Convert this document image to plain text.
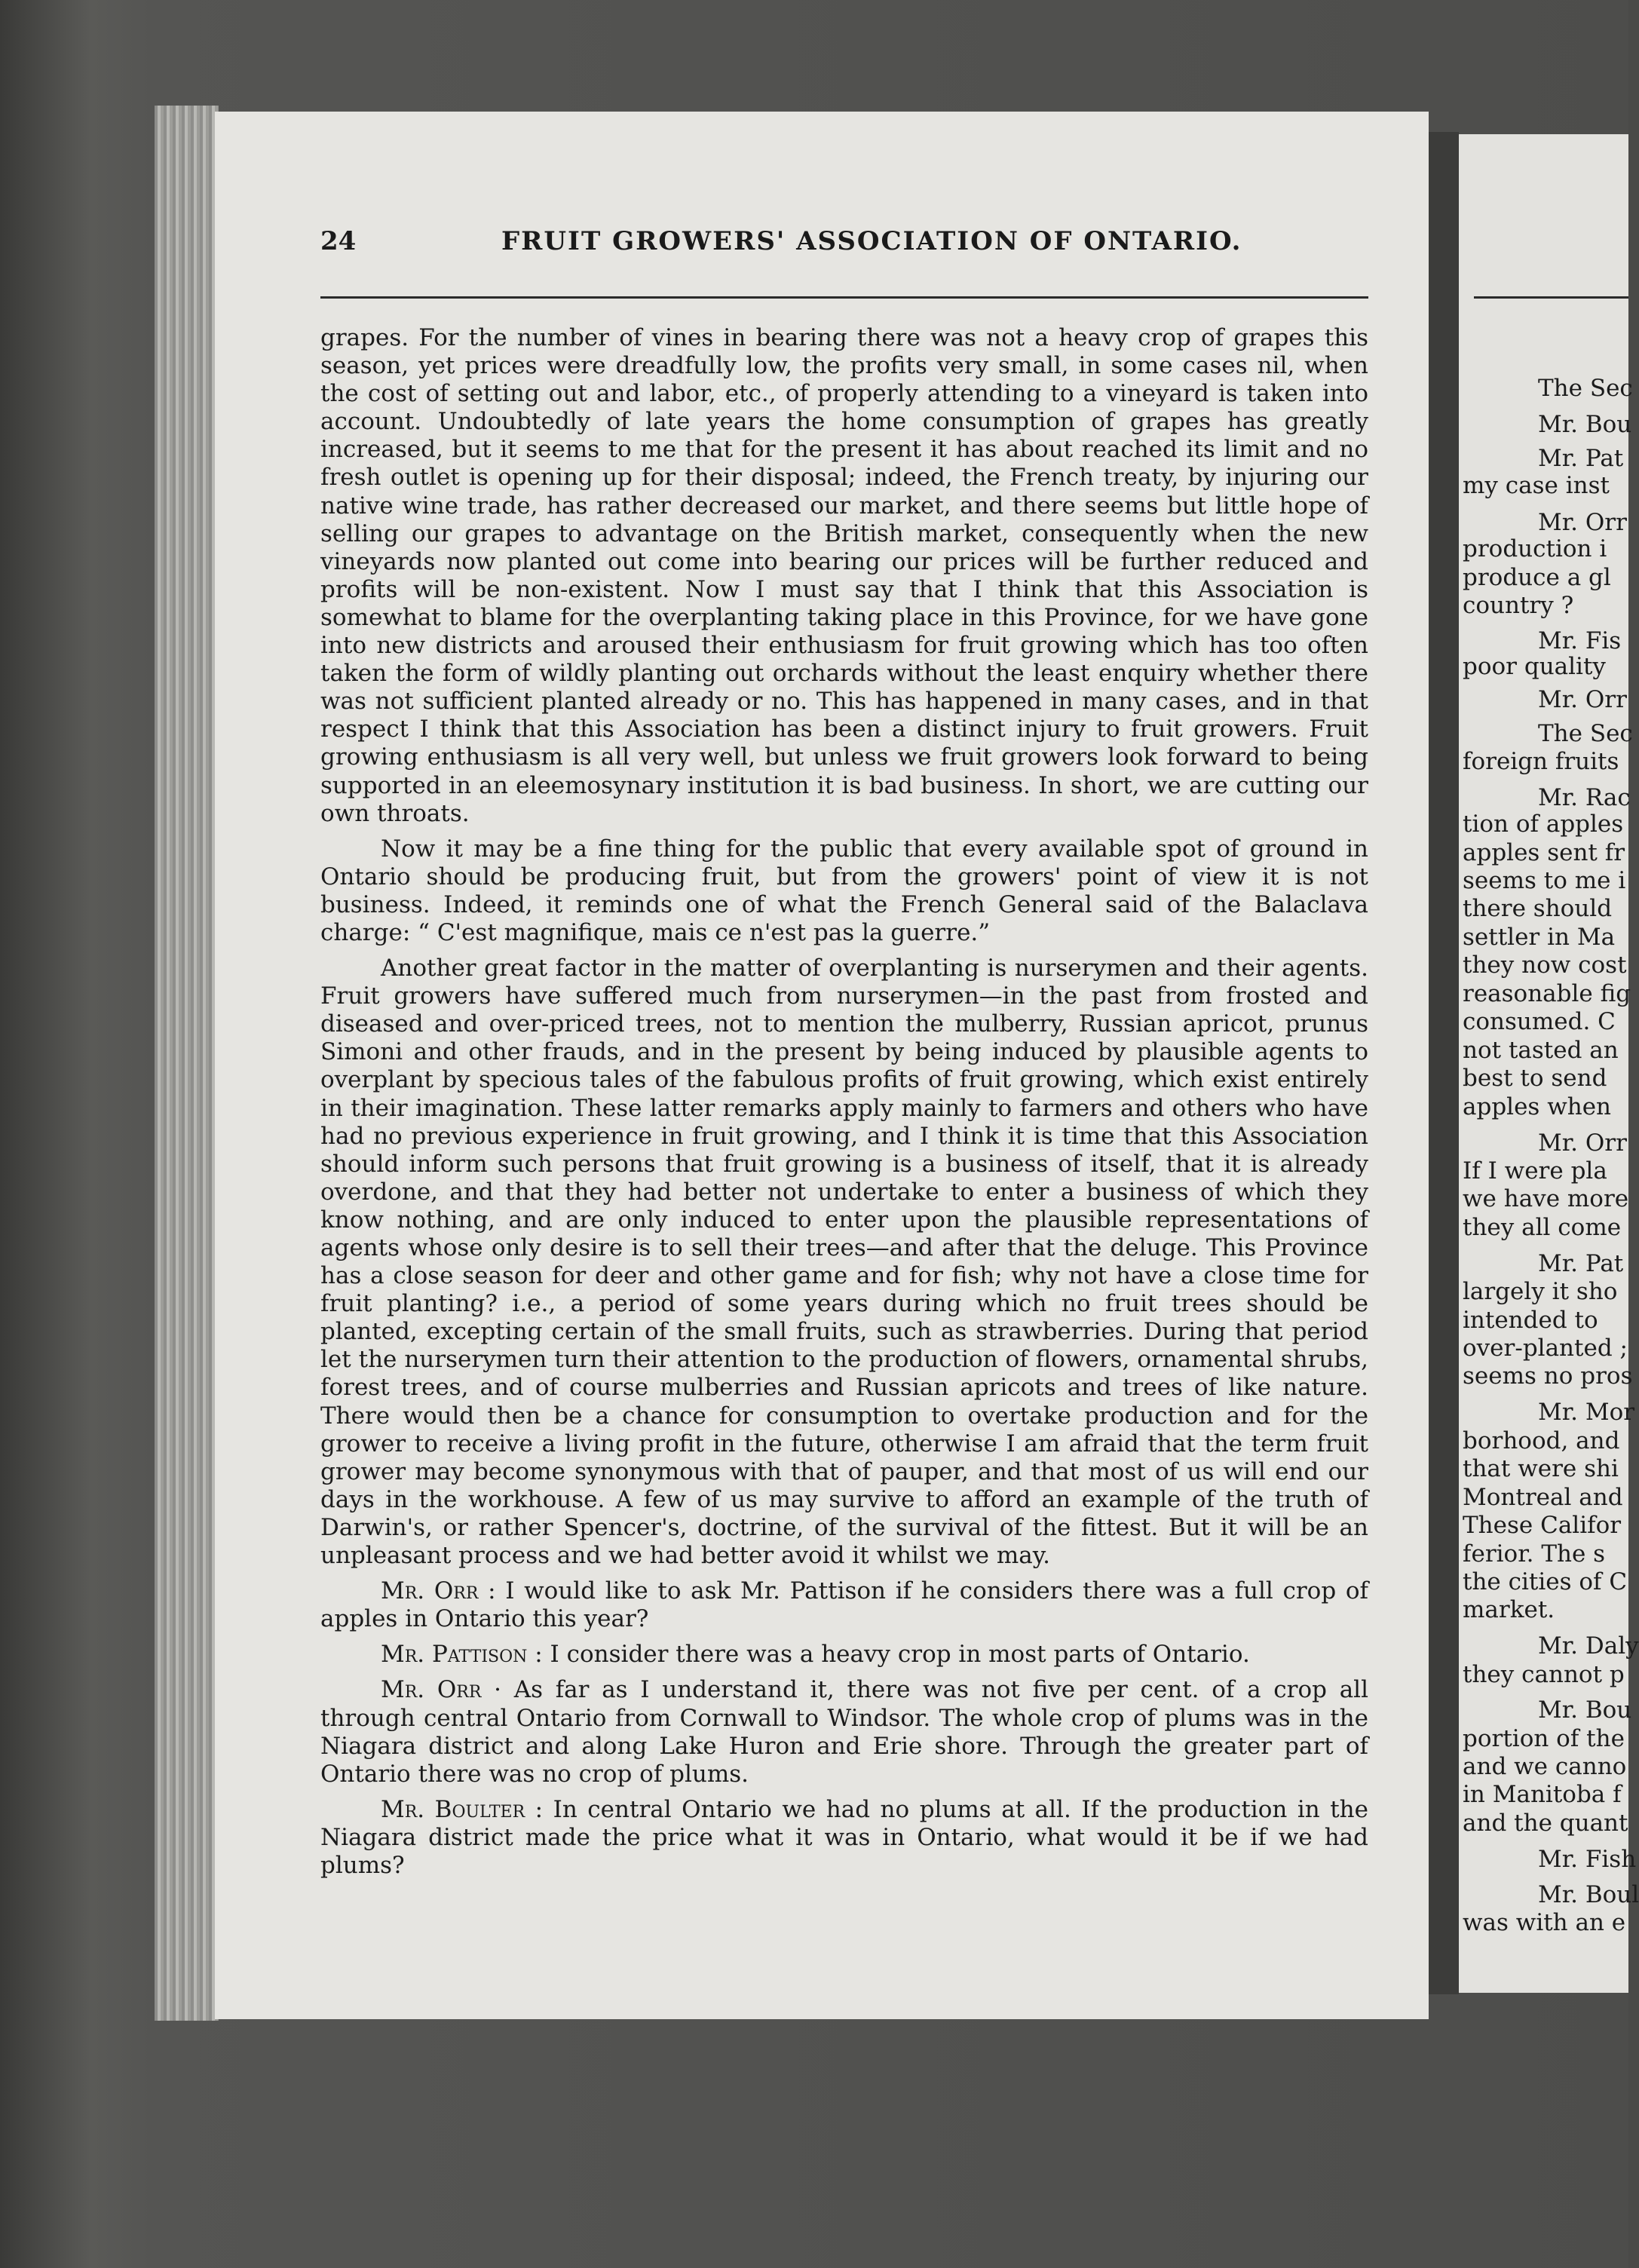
24	FRUIT GROWERS' ASSOCIATION OF ONTARIO.

grapes. For the number of vines in bearing there was not a heavy crop of grapes this season, yet prices were dreadfully low, the profits very small, in some cases nil, when the cost of setting out and labor, etc., of properly attending to a vineyard is taken into account. Undoubtedly of late years the home consumption of grapes has greatly increased, but it seems to me that for the present it has about reached its limit and no fresh outlet is opening up for their disposal; indeed, the French treaty, by injuring our native wine trade, has rather decreased our market, and there seems but little hope of selling our grapes to advantage on the British market, consequently when the new vineyards now planted out come into bearing our prices will be further reduced and profits will be non-existent. Now I must say that I think that this Association is somewhat to blame for the overplanting taking place in this Province, for we have gone into new districts and aroused their enthusiasm for fruit growing which has too often taken the form of wildly planting out orchards without the least enquiry whether there was not sufficient planted already or no. This has happened in many cases, and in that respect I think that this Association has been a distinct injury to fruit growers. Fruit growing enthusiasm is all very well, but unless we fruit growers look forward to being supported in an eleemosynary institution it is bad business. In short, we are cutting our own throats.

Now it may be a fine thing for the public that every available spot of ground in Ontario should be producing fruit, but from the growers' point of view it is not business. Indeed, it reminds one of what the French General said of the Balaclava charge: “ C'est magnifique, mais ce n'est pas la guerre.”

Another great factor in the matter of overplanting is nurserymen and their agents. Fruit growers have suffered much from nurserymen—in the past from frosted and diseased and over-priced trees, not to mention the mulberry, Russian apricot, prunus Simoni and other frauds, and in the present by being induced by plausible agents to overplant by specious tales of the fabulous profits of fruit growing, which exist entirely in their imagination. These latter remarks apply mainly to farmers and others who have had no previous experience in fruit growing, and I think it is time that this Association should inform such persons that fruit growing is a business of itself, that it is already overdone, and that they had better not undertake to enter a business of which they know nothing, and are only induced to enter upon the plausible representations of agents whose only desire is to sell their trees—and after that the deluge. This Province has a close season for deer and other game and for fish; why not have a close time for fruit planting? i.e., a period of some years during which no fruit trees should be planted, excepting certain of the small fruits, such as strawberries. During that period let the nurserymen turn their attention to the production of flowers, ornamental shrubs, forest trees, and of course mulberries and Russian apricots and trees of like nature. There would then be a chance for consumption to overtake production and for the grower to receive a living profit in the future, otherwise I am afraid that the term fruit grower may become synonymous with that of pauper, and that most of us will end our days in the workhouse. A few of us may survive to afford an example of the truth of Darwin's, or rather Spencer's, doctrine, of the survival of the fittest. But it will be an unpleasant process and we had better avoid it whilst we may.

Mr. Orr : I would like to ask Mr. Pattison if he considers there was a full crop of apples in Ontario this year?

Mr. Pattison : I consider there was a heavy crop in most parts of Ontario.

Mr. Orr · As far as I understand it, there was not five per cent. of a crop all through central Ontario from Cornwall to Windsor. The whole crop of plums was in the Niagara district and along Lake Huron and Erie shore. Through the greater part of Ontario there was no crop of plums.

Mr. Boulter : In central Ontario we had no plums at all. If the production in the Niagara district made the price what it was in Ontario, what would it be if we had plums?

The Sec
Mr. Bou
Mr. Pat
my case inst
Mr. Orr
production i
produce a gl
country ?
Mr. Fis
poor quality
Mr. Orr
The Sec
foreign fruits
Mr. Rac
tion of apples
apples sent fr
seems to me i
there should
settler in Ma
they now cost
reasonable fig
consumed. C
not tasted an
best to send
apples when
Mr. Orr
If I were pla
we have more
they all come
Mr. Pat
largely it sho
intended to
over-planted ;
seems no pros
Mr. Mor
borhood, and
that were shi
Montreal and
These Califor
ferior. The s
the cities of C
market.
Mr. Daly
they cannot p
Mr. Bou
portion of the
and we canno
in Manitoba f
and the quant
Mr. Fish
Mr. Boul
was with an e
